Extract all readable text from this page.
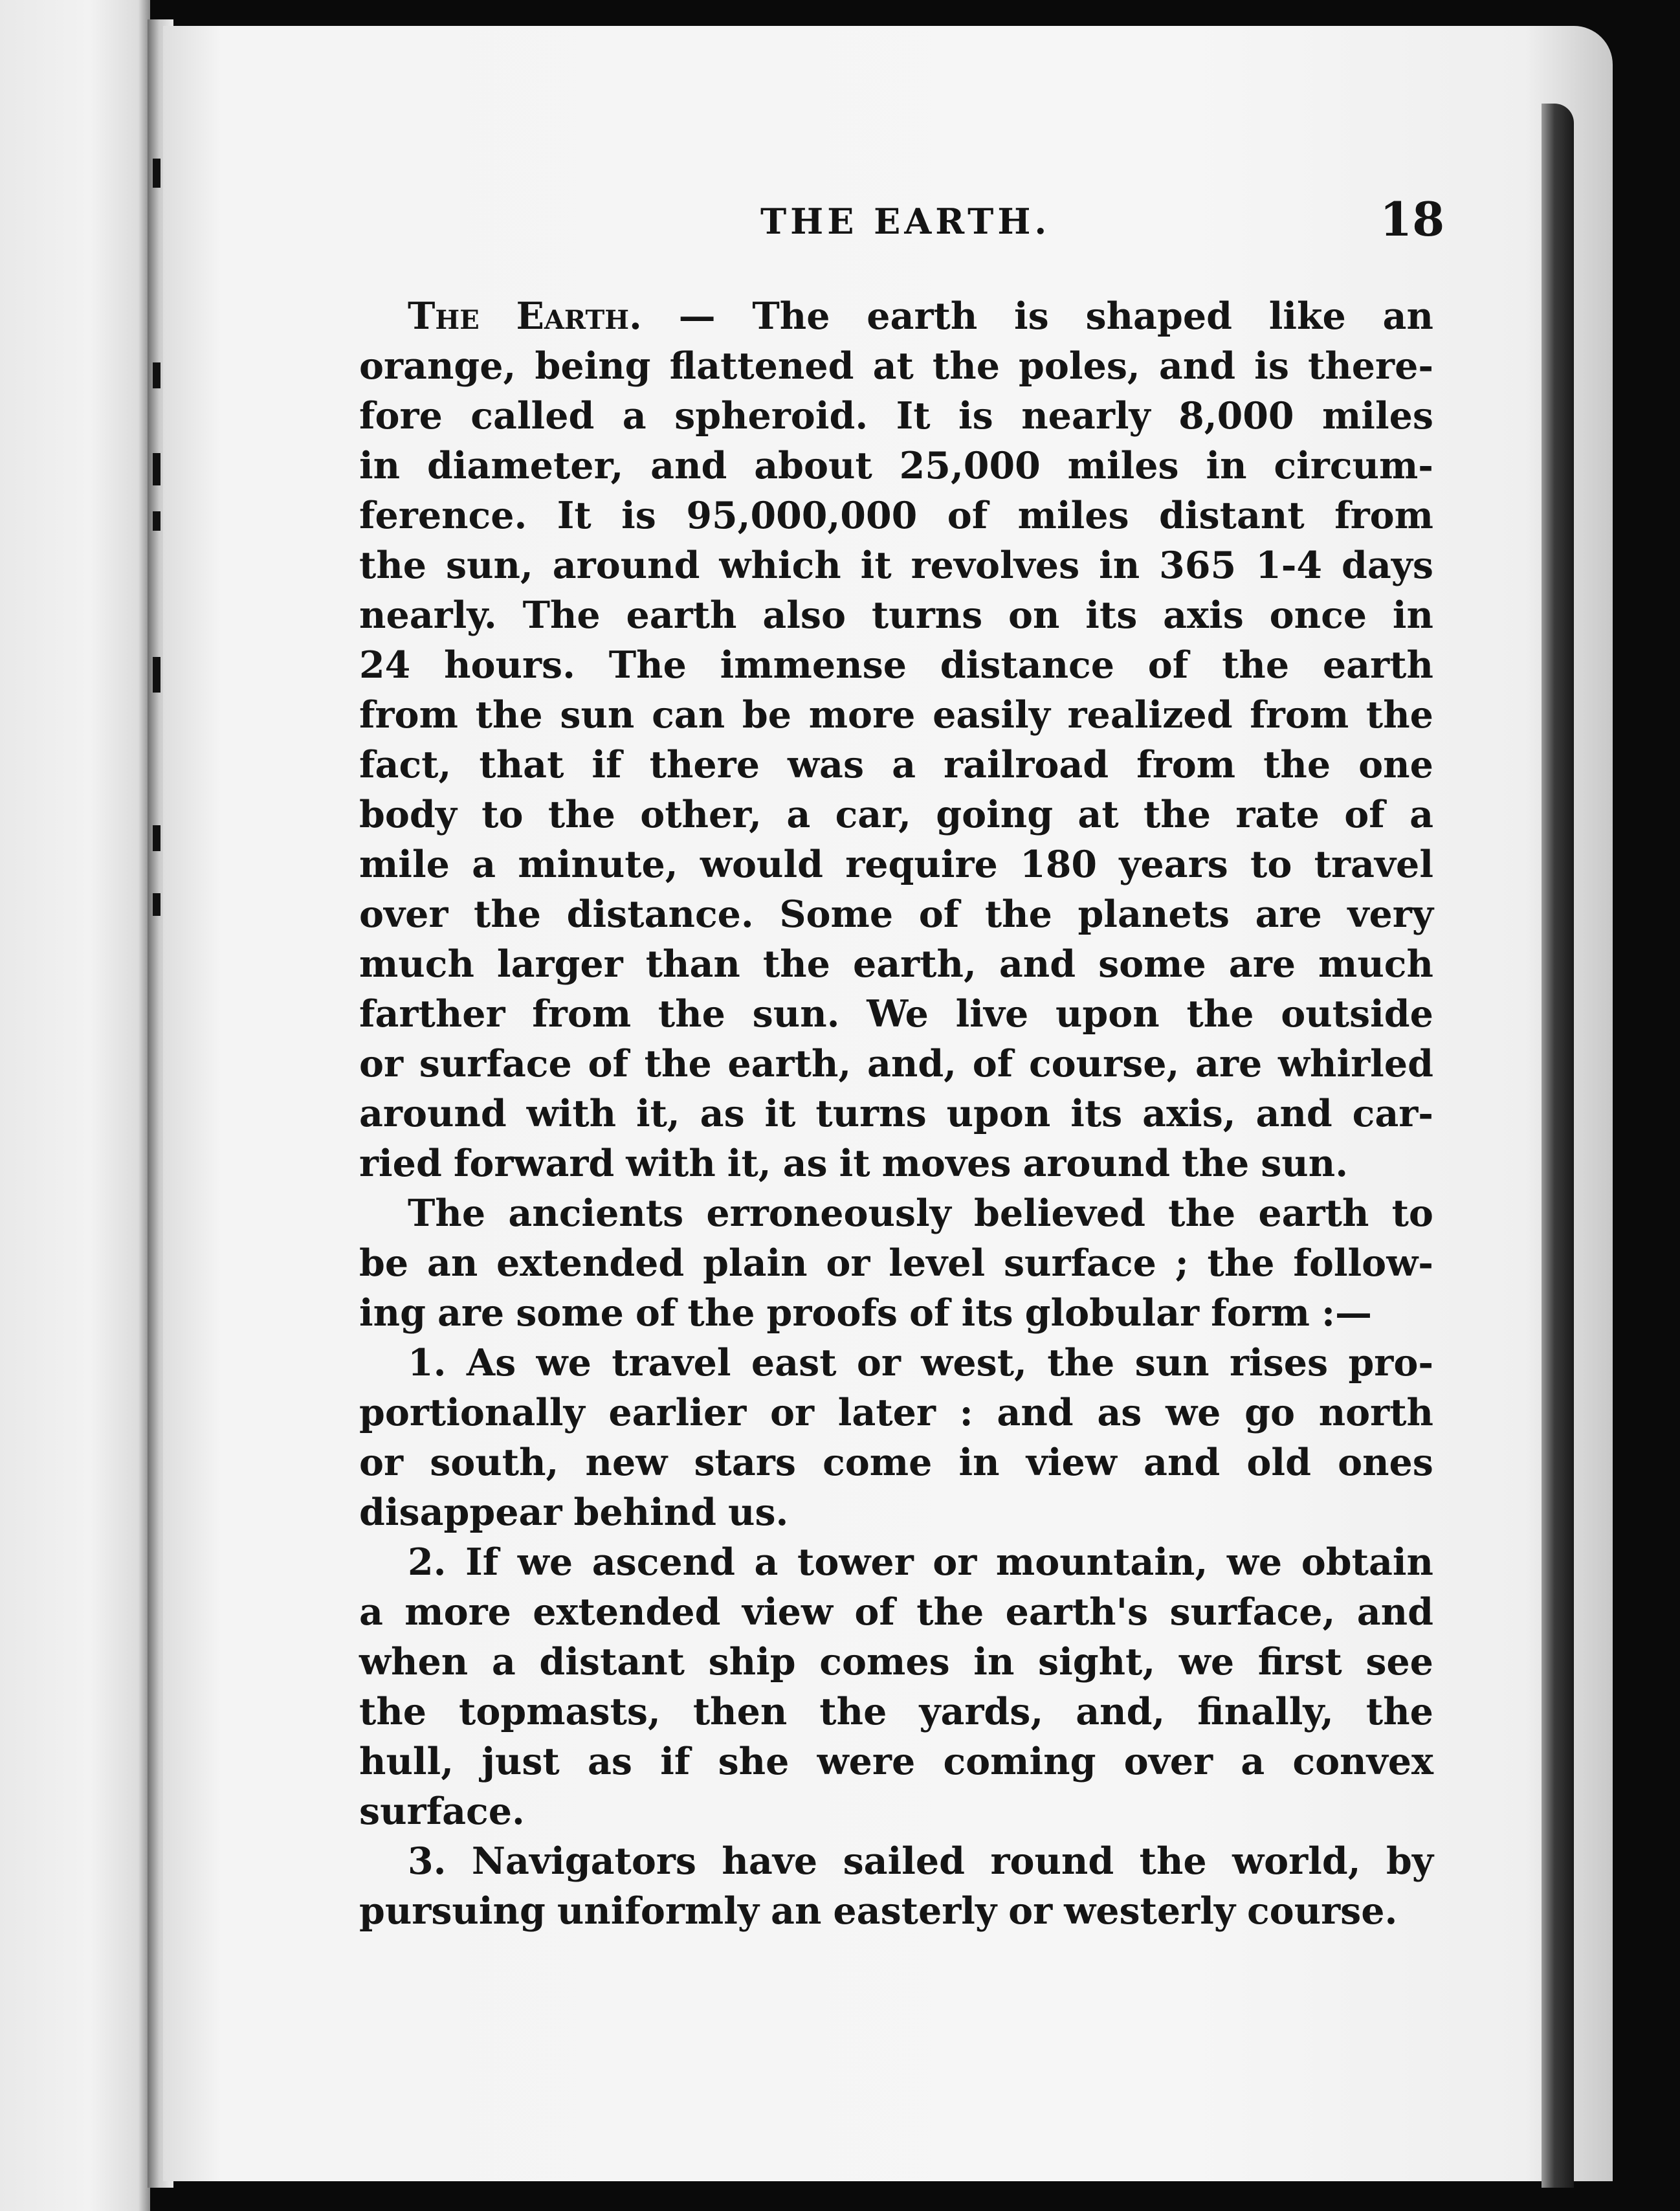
THE EARTH.	18
The Earth. — The earth is shaped like an
orange, being flattened at the poles, and is there-
fore called a spheroid. It is nearly 8,000 miles
in diameter, and about 25,000 miles in circum-
ference. It is 95,000,000 of miles distant from
the sun, around which it revolves in 365 1-4 days
nearly. The earth also turns on its axis once in
24 hours. The immense distance of the earth
from the sun can be more easily realized from the
fact, that if there was a railroad from the one
body to the other, a car, going at the rate of a
mile a minute, would require 180 years to travel
over the distance. Some of the planets are very
much larger than the earth, and some are much
farther from the sun. We live upon the outside
or surface of the earth, and, of course, are whirled
around with it, as it turns upon its axis, and car-
ried forward with it, as it moves around the sun.
The ancients erroneously believed the earth to
be an extended plain or level surface ; the follow-
ing are some of the proofs of its globular form :—
1. As we travel east or west, the sun rises pro-
portionally earlier or later : and as we go north
or south, new stars come in view and old ones
disappear behind us.
2. If we ascend a tower or mountain, we obtain
a more extended view of the earth's surface, and
when a distant ship comes in sight, we first see
the topmasts, then the yards, and, finally, the
hull, just as if she were coming over a convex
surface.
3. Navigators have sailed round the world, by
pursuing uniformly an easterly or westerly course.
